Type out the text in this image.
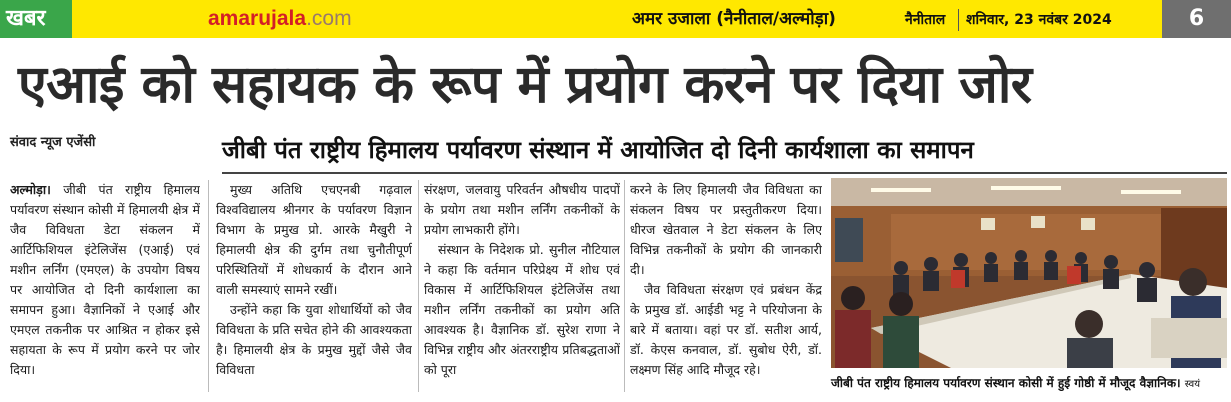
खबर	amarujala.com	अमर उजाला (नैनीताल/अल्मोड़ा)	नैनीताल शनिवार, 23 नवंबर 2024	6
एआई को सहायक के रूप में प्रयोग करने पर दिया जोर
संवाद न्यूज एजेंसी	जीबी पंत राष्ट्रीय हिमालय पर्यावरण संस्थान में आयोजित दो दिनी कार्यशाला का समापन

अल्मोड़ा। जीबी पंत राष्ट्रीय हिमालय पर्यावरण संस्थान कोसी में हिमालयी क्षेत्र में जैव विविधता डेटा संकलन में आर्टिफिशियल इंटेलिजेंस (एआई) एवं मशीन लर्निंग (एमएल) के उपयोग विषय पर आयोजित दो दिनी कार्यशाला का समापन हुआ। वैज्ञानिकों ने एआई और एमएल तकनीक पर आश्रित न होकर इसे सहायता के रूप में प्रयोग करने पर जोर दिया।

मुख्य अतिथि एचएनबी गढ़वाल विश्वविद्यालय श्रीनगर के पर्यावरण विज्ञान विभाग के प्रमुख प्रो. आरके मैखुरी ने हिमालयी क्षेत्र की दुर्गम तथा चुनौतीपूर्ण परिस्थितियों में शोधकार्य के दौरान आने वाली समस्याएं सामने रखीं।

उन्होंने कहा कि युवा शोधार्थियों को जैव विविधता के प्रति सचेत होने की आवश्यकता है। हिमालयी क्षेत्र के प्रमुख मुद्दों जैसे जैव विविधता

संरक्षण, जलवायु परिवर्तन औषधीय पादपों के प्रयोग तथा मशीन लर्निंग तकनीकों के प्रयोग लाभकारी होंगे।

संस्थान के निदेशक प्रो. सुनील नौटियाल ने कहा कि वर्तमान परिप्रेक्ष्य में शोध एवं विकास में आर्टिफिशियल इंटेलिजेंस तथा मशीन लर्निंग तकनीकों का प्रयोग अति आवश्यक है। वैज्ञानिक डॉ. सुरेश राणा ने विभिन्न राष्ट्रीय और अंतरराष्ट्रीय प्रतिबद्धताओं को पूरा

करने के लिए हिमालयी जैव विविधता का संकलन विषय पर प्रस्तुतीकरण दिया। धीरज खेतवाल ने डेटा संकलन के लिए विभिन्न तकनीकों के प्रयोग की जानकारी दी।

जैव विविधता संरक्षण एवं प्रबंधन केंद्र के प्रमुख डॉ. आईडी भट्ट ने परियोजना के बारे में बताया। वहां पर डॉ. सतीश आर्य, डॉ. केएस कनवाल, डॉ. सुबोध ऐरी, डॉ. लक्ष्मण सिंह आदि मौजूद रहे।

जीबी पंत राष्ट्रीय हिमालय पर्यावरण संस्थान कोसी में हुई गोष्ठी में मौजूद वैज्ञानिक। स्वयं
